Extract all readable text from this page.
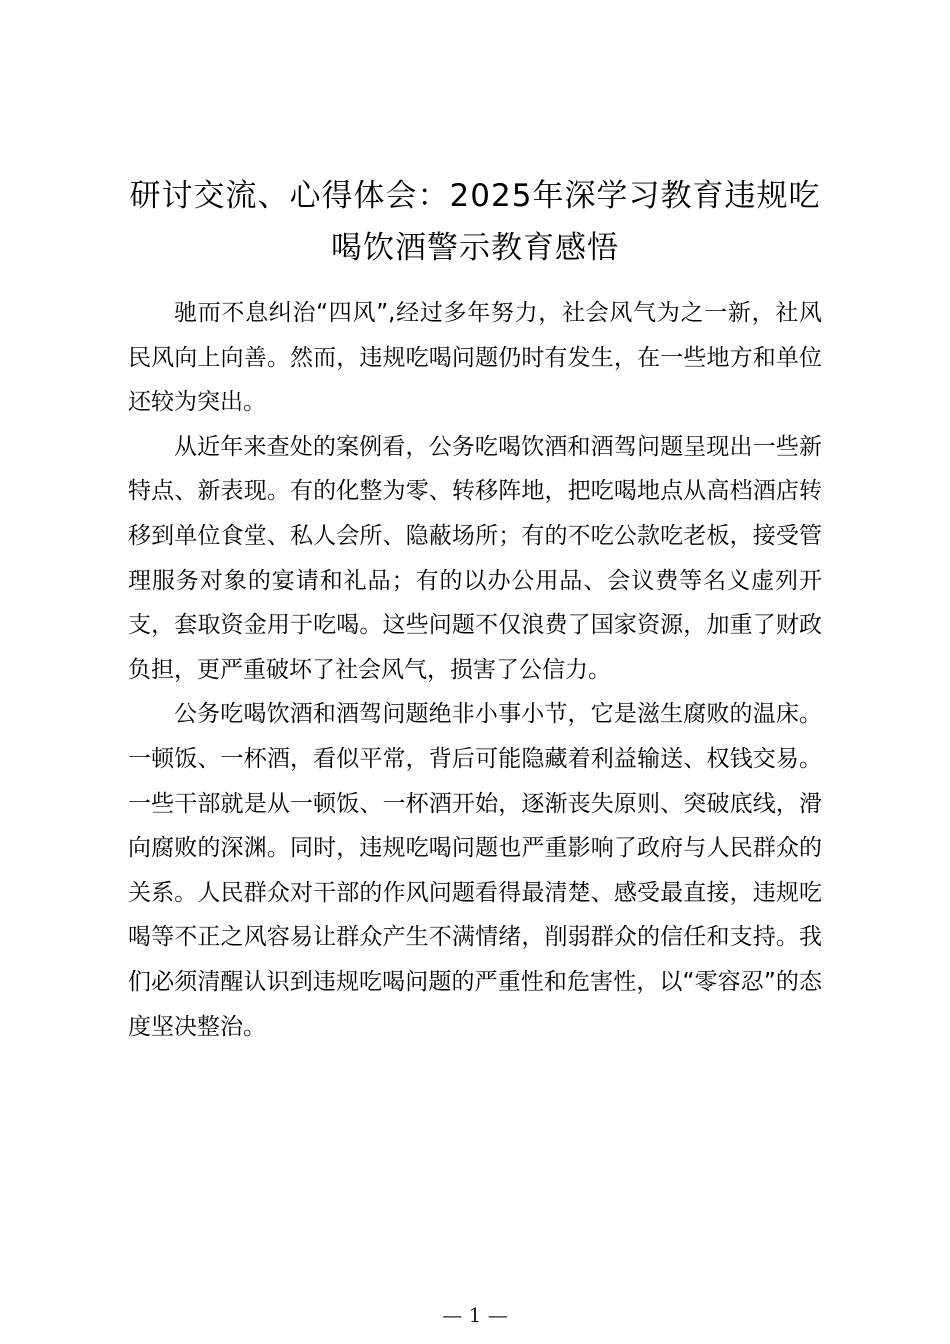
研讨交流、心得体会：2025年深学习教育违规吃喝饮酒警示教育感悟

驰而不息纠治“四风”,经过多年努力，社会风气为之一新，社风民风向上向善。然而，违规吃喝问题仍时有发生，在一些地方和单位还较为突出。

从近年来查处的案例看，公务吃喝饮酒和酒驾问题呈现出一些新特点、新表现。有的化整为零、转移阵地，把吃喝地点从高档酒店转移到单位食堂、私人会所、隐蔽场所；有的不吃公款吃老板，接受管理服务对象的宴请和礼品；有的以办公用品、会议费等名义虚列开支，套取资金用于吃喝。这些问题不仅浪费了国家资源，加重了财政负担，更严重破坏了社会风气，损害了公信力。

公务吃喝饮酒和酒驾问题绝非小事小节，它是滋生腐败的温床。一顿饭、一杯酒，看似平常，背后可能隐藏着利益输送、权钱交易。一些干部就是从一顿饭、一杯酒开始，逐渐丧失原则、突破底线，滑向腐败的深渊。同时，违规吃喝问题也严重影响了政府与人民群众的关系。人民群众对干部的作风问题看得最清楚、感受最直接，违规吃喝等不正之风容易让群众产生不满情绪，削弱群众的信任和支持。我们必须清醒认识到违规吃喝问题的严重性和危害性，以“零容忍”的态度坚决整治。

— 1 —
